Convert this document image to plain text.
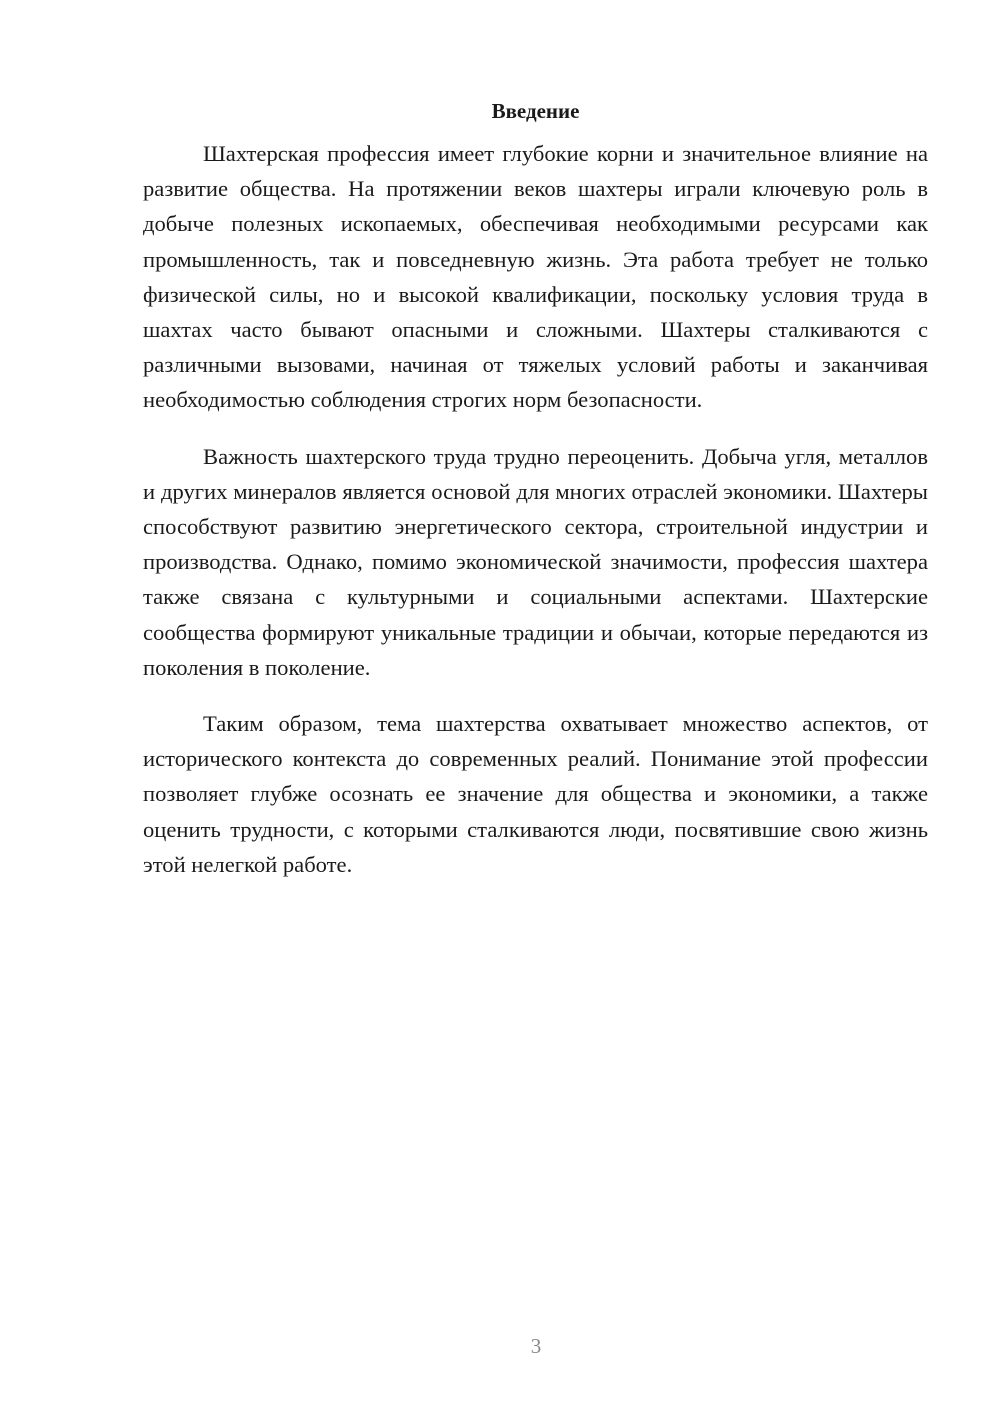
Введение

Шахтерская профессия имеет глубокие корни и значительное влияние на развитие общества. На протяжении веков шахтеры играли ключевую роль в добыче полезных ископаемых, обеспечивая необходимыми ресурсами как промышленность, так и повседневную жизнь. Эта работа требует не только физической силы, но и высокой квалификации, поскольку условия труда в шахтах часто бывают опасными и сложными. Шахтеры сталкиваются с различными вызовами, начиная от тяжелых условий работы и заканчивая необходимостью соблюдения строгих норм безопасности.

Важность шахтерского труда трудно переоценить. Добыча угля, металлов и других минералов является основой для многих отраслей экономики. Шахтеры способствуют развитию энергетического сектора, строительной индустрии и производства. Однако, помимо экономической значимости, профессия шахтера также связана с культурными и социальными аспектами. Шахтерские сообщества формируют уникальные традиции и обычаи, которые передаются из поколения в поколение.

Таким образом, тема шахтерства охватывает множество аспектов, от исторического контекста до современных реалий. Понимание этой профессии позволяет глубже осознать ее значение для общества и экономики, а также оценить трудности, с которыми сталкиваются люди, посвятившие свою жизнь этой нелегкой работе.

3
